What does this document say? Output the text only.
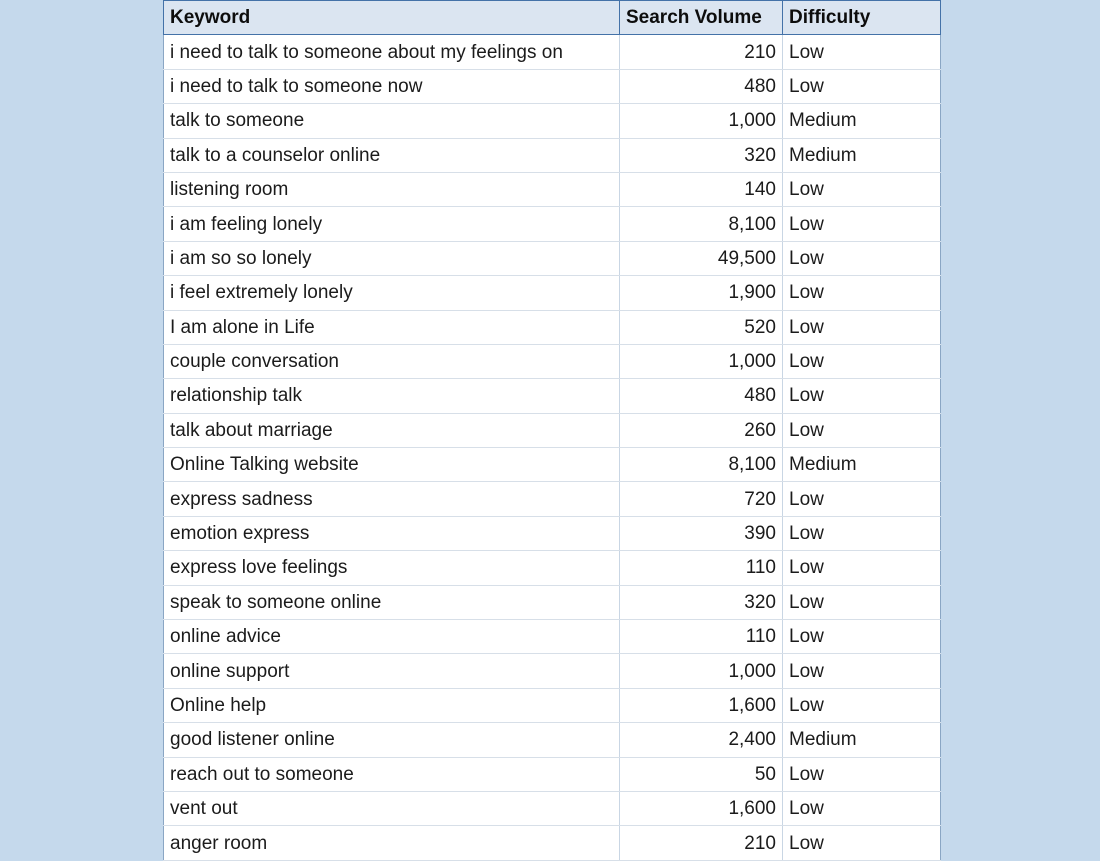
Keyword	Search Volume	Difficulty
i need to talk to someone about my feelings on	210	Low
i need to talk to someone now	480	Low
talk to someone	1,000	Medium
talk to a counselor online	320	Medium
listening room	140	Low
i am feeling lonely	8,100	Low
i am so so lonely	49,500	Low
i feel extremely lonely	1,900	Low
I am alone in Life	520	Low
couple conversation	1,000	Low
relationship talk	480	Low
talk about marriage	260	Low
Online Talking website	8,100	Medium
express sadness	720	Low
emotion express	390	Low
express love feelings	110	Low
speak to someone online	320	Low
online advice	110	Low
online support	1,000	Low
Online help	1,600	Low
good listener online	2,400	Medium
reach out to someone	50	Low
vent out	1,600	Low
anger room	210	Low
